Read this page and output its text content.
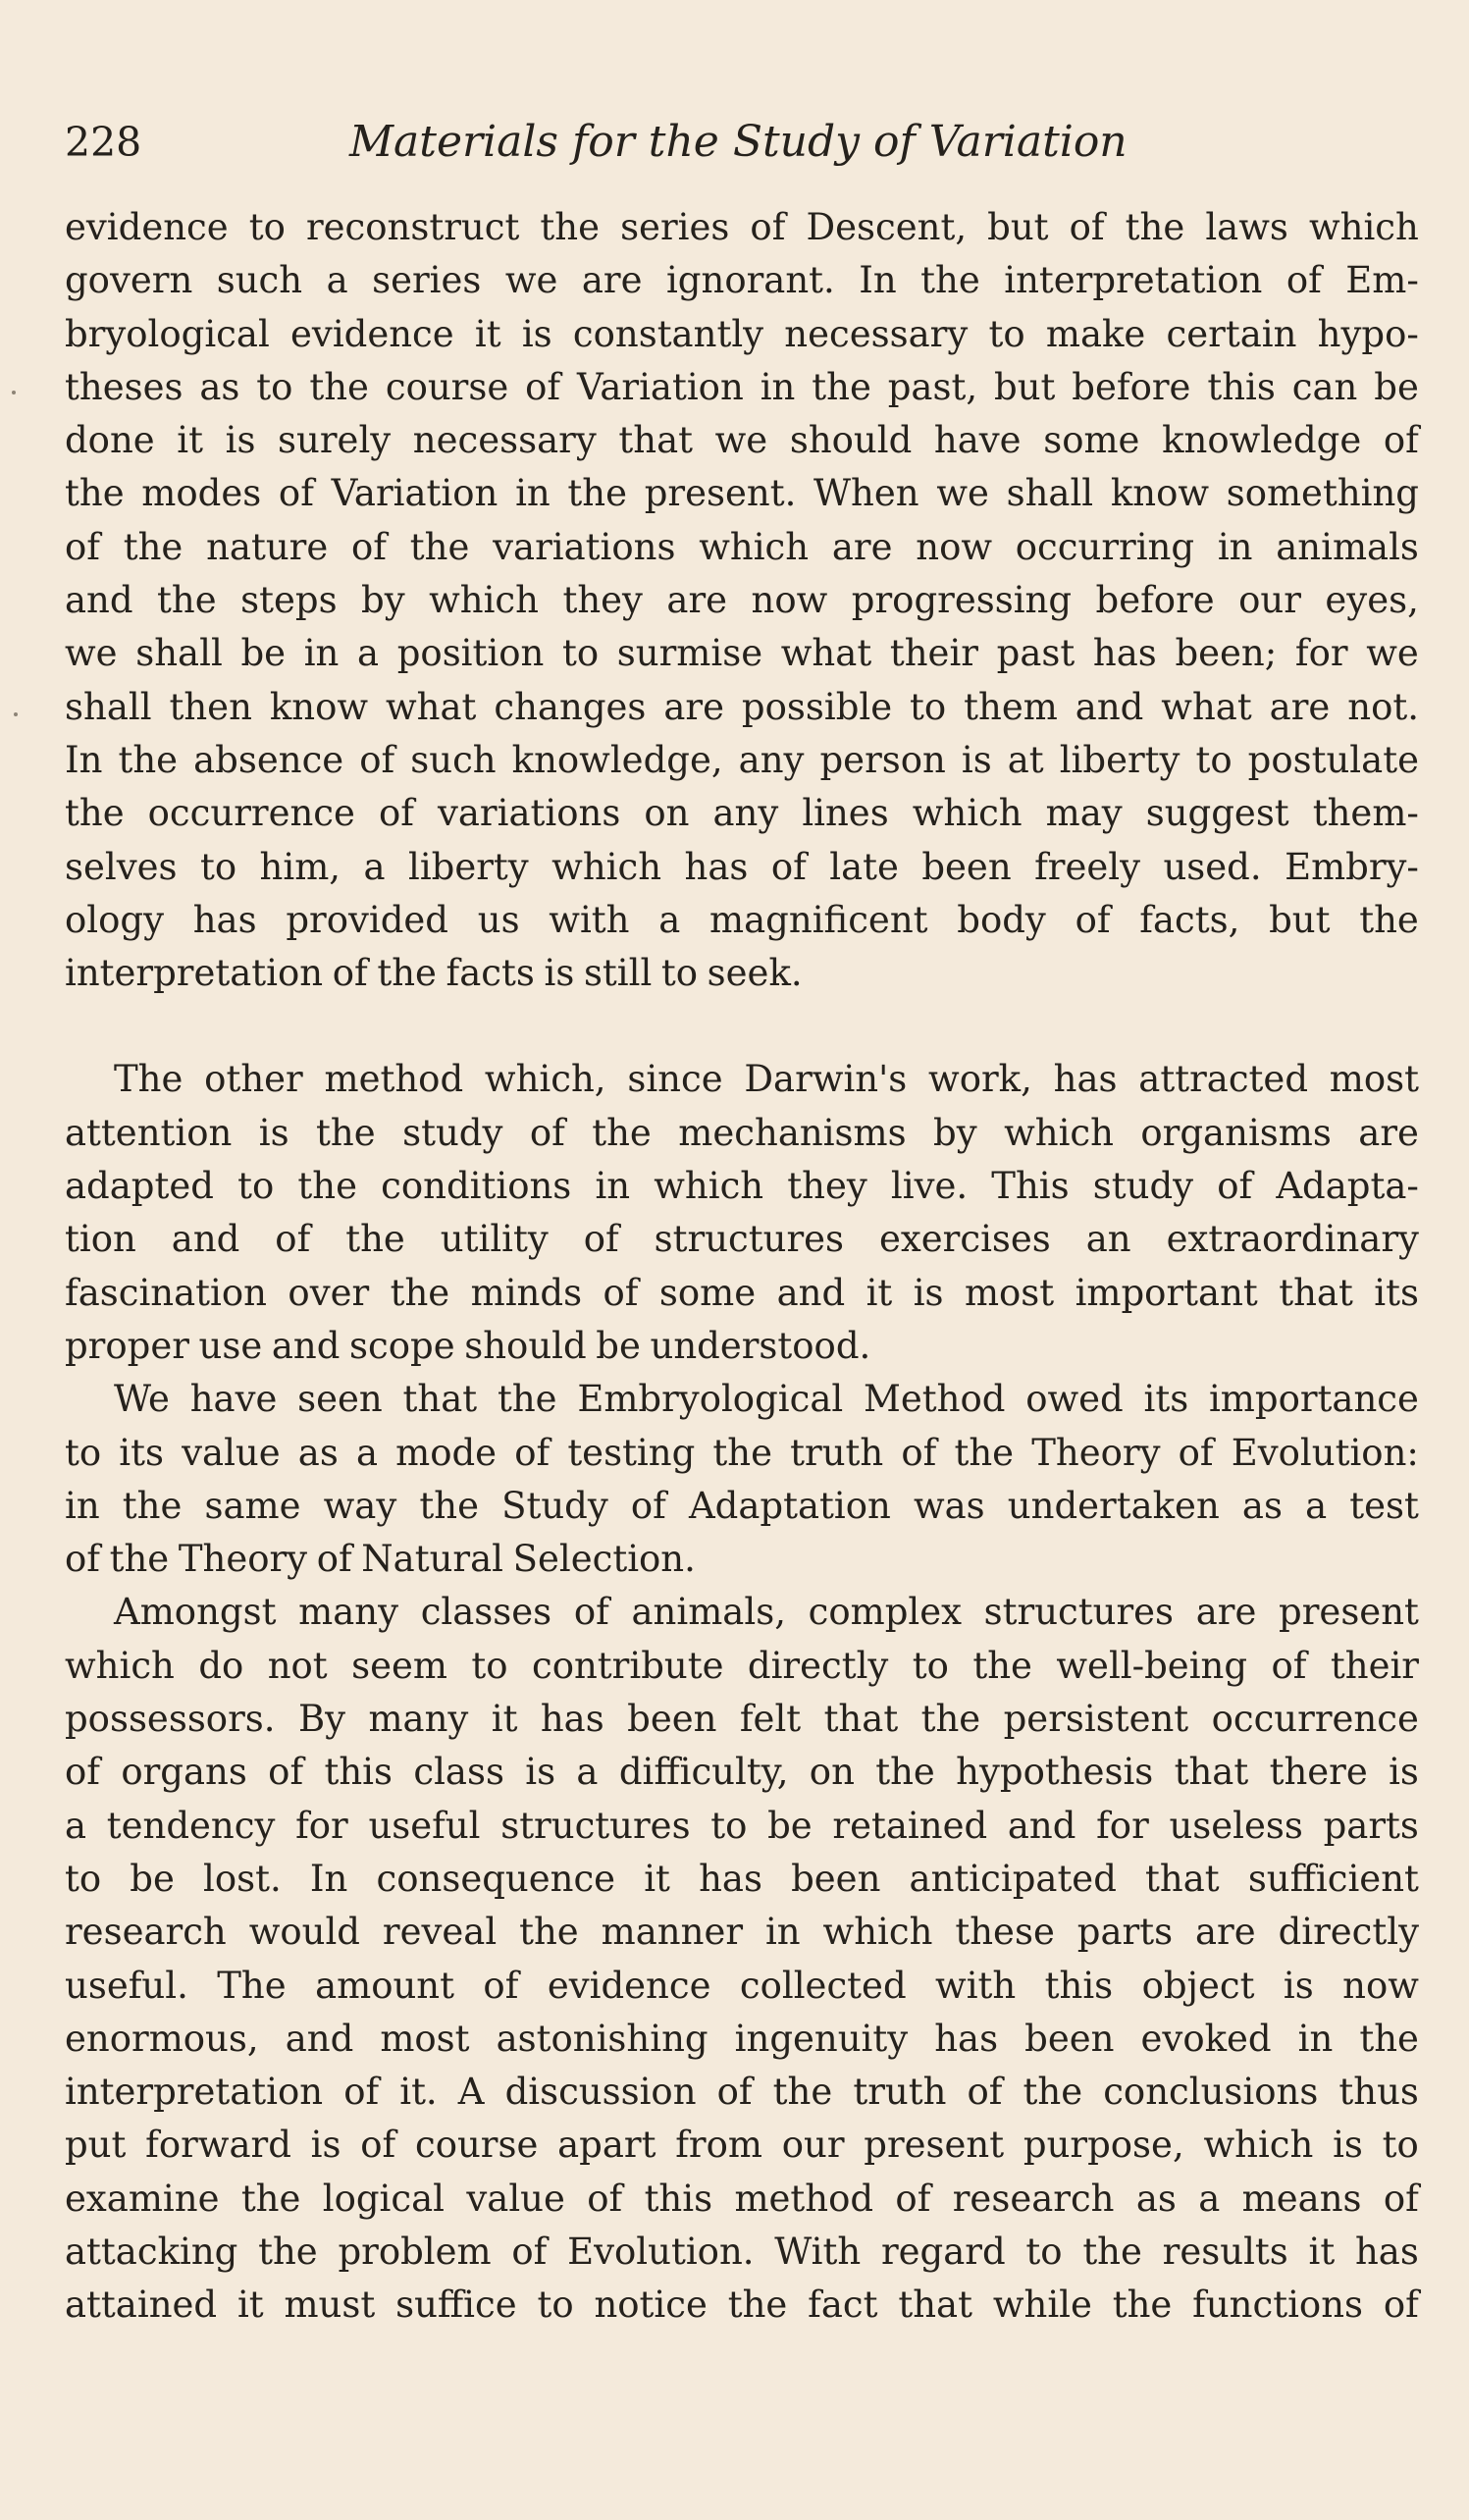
228	Materials for the Study of Variation
evidence to reconstruct the series of Descent, but of the laws which
govern such a series we are ignorant. In the interpretation of Em-
bryological evidence it is constantly necessary to make certain hypo-
theses as to the course of Variation in the past, but before this can be
done it is surely necessary that we should have some knowledge of
the modes of Variation in the present. When we shall know something
of the nature of the variations which are now occurring in animals
and the steps by which they are now progressing before our eyes,
we shall be in a position to surmise what their past has been; for we
shall then know what changes are possible to them and what are not.
In the absence of such knowledge, any person is at liberty to postulate
the occurrence of variations on any lines which may suggest them-
selves to him, a liberty which has of late been freely used. Embry-
ology has provided us with a magnificent body of facts, but the
interpretation of the facts is still to seek.
The other method which, since Darwin's work, has attracted most
attention is the study of the mechanisms by which organisms are
adapted to the conditions in which they live. This study of Adapta-
tion and of the utility of structures exercises an extraordinary
fascination over the minds of some and it is most important that its
proper use and scope should be understood.
We have seen that the Embryological Method owed its importance
to its value as a mode of testing the truth of the Theory of Evolution:
in the same way the Study of Adaptation was undertaken as a test
of the Theory of Natural Selection.
Amongst many classes of animals, complex structures are present
which do not seem to contribute directly to the well-being of their
possessors. By many it has been felt that the persistent occurrence
of organs of this class is a difficulty, on the hypothesis that there is
a tendency for useful structures to be retained and for useless parts
to be lost. In consequence it has been anticipated that sufficient
research would reveal the manner in which these parts are directly
useful. The amount of evidence collected with this object is now
enormous, and most astonishing ingenuity has been evoked in the
interpretation of it. A discussion of the truth of the conclusions thus
put forward is of course apart from our present purpose, which is to
examine the logical value of this method of research as a means of
attacking the problem of Evolution. With regard to the results it has
attained it must suffice to notice the fact that while the functions of
